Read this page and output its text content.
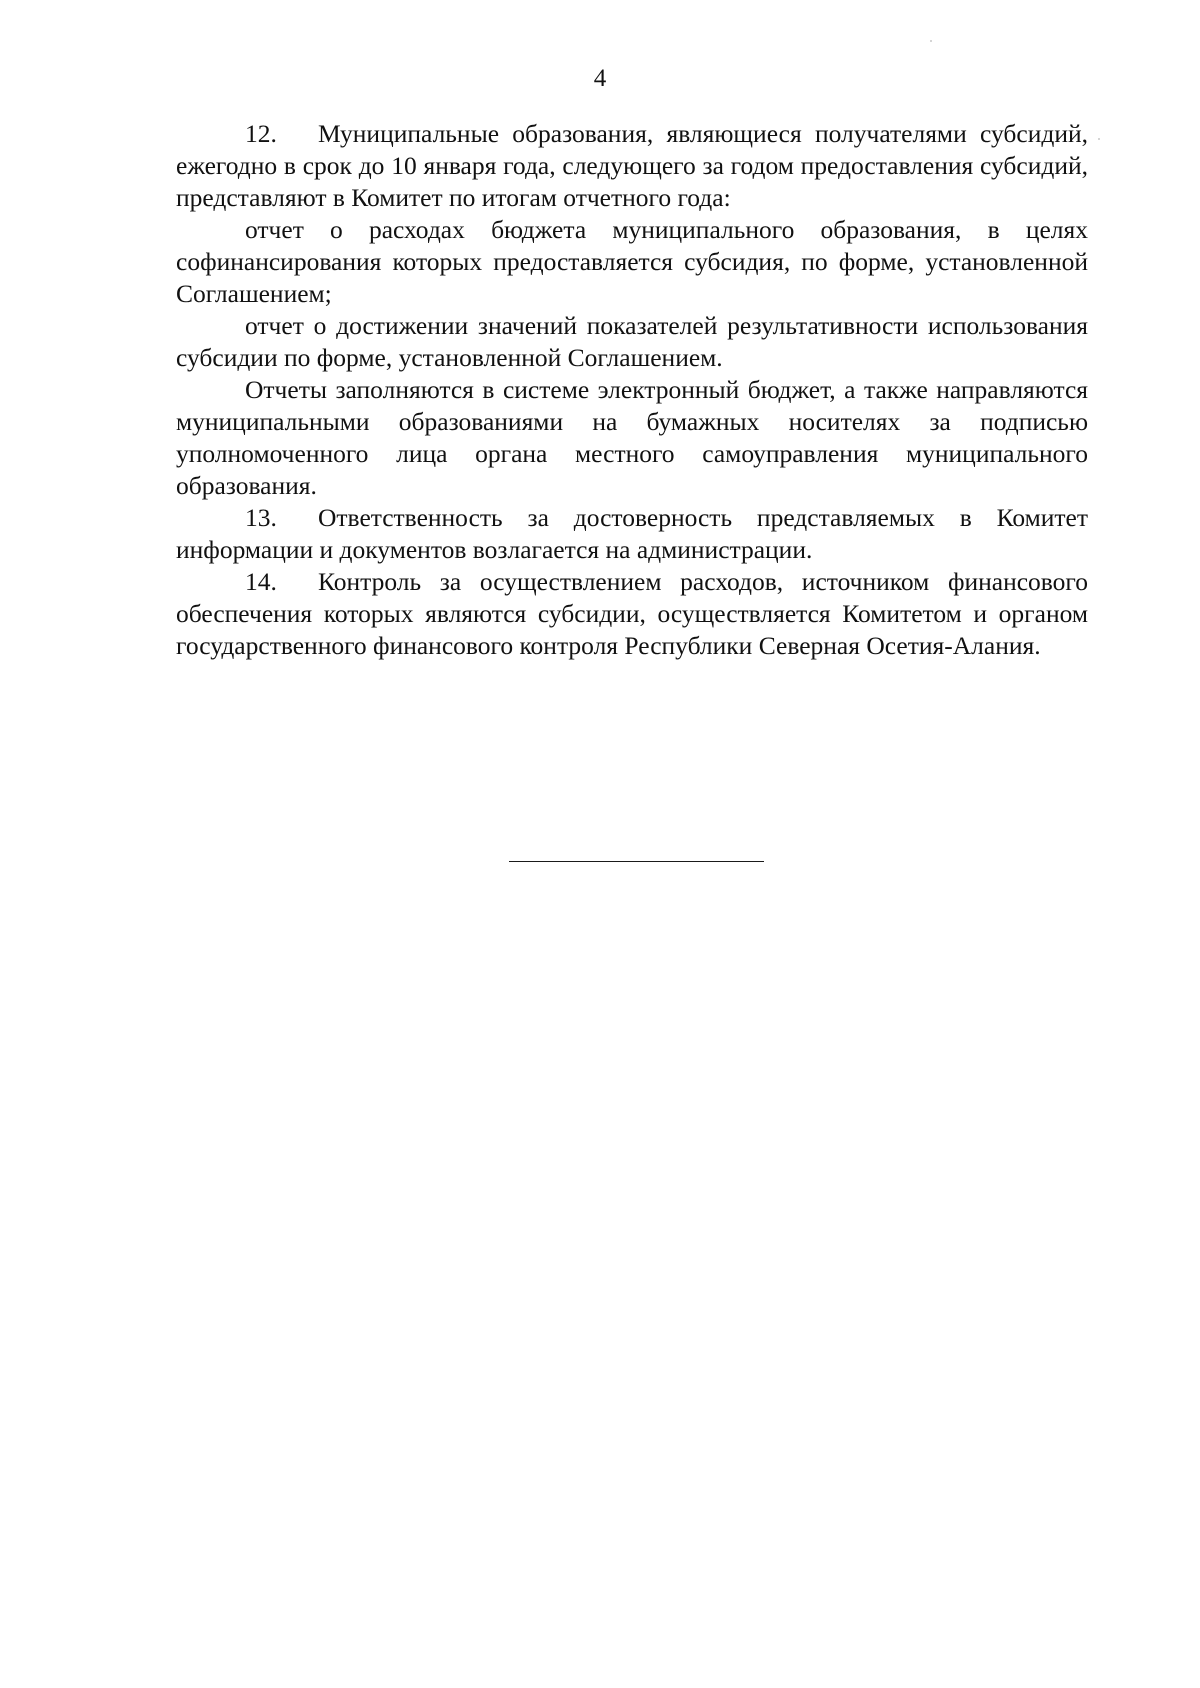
4

12. Муниципальные образования, являющиеся получателями субсидий, ежегодно в срок до 10 января года, следующего за годом предоставления субсидий, представляют в Комитет по итогам отчетного года:

отчет о расходах бюджета муниципального образования, в целях софинансирования которых предоставляется субсидия, по форме, установленной Соглашением;

отчет о достижении значений показателей результативности использования субсидии по форме, установленной Соглашением.

Отчеты заполняются в системе электронный бюджет, а также направляются муниципальными образованиями на бумажных носителях за подписью уполномоченного лица органа местного самоуправления муниципального образования.

13. Ответственность за достоверность представляемых в Комитет информации и документов возлагается на администрации.

14. Контроль за осуществлением расходов, источником финансового обеспечения которых являются субсидии, осуществляется Комитетом и органом государственного финансового контроля Республики Северная Осетия-Алания.
